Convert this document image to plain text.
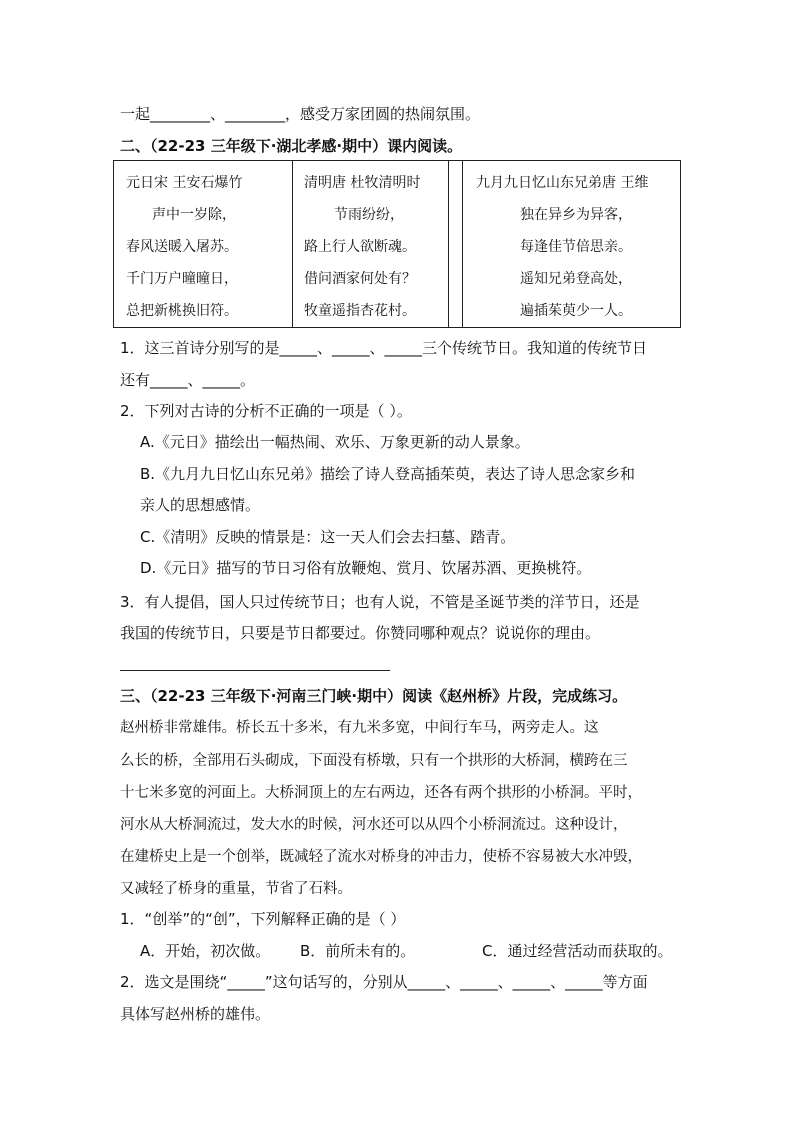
一起________、________，感受万家团圆的热闹氛围。
二、（22-23 三年级下·湖北孝感·期中）课内阅读。
元日宋 王安石爆竹
声中一岁除，
春风送暖入屠苏。
千门万户曈曈日，
总把新桃换旧符。
清明唐 杜牧清明时
节雨纷纷，
路上行人欲断魂。
借问酒家何处有？
牧童遥指杏花村。
九月九日忆山东兄弟唐 王维
独在异乡为异客，
每逢佳节倍思亲。
遥知兄弟登高处，
遍插茱萸少一人。
1．这三首诗分别写的是_____、_____、_____三个传统节日。我知道的传统节日
还有_____、_____。
2．下列对古诗的分析不正确的一项是（ ）。
A.《元日》描绘出一幅热闹、欢乐、万象更新的动人景象。
B.《九月九日忆山东兄弟》描绘了诗人登高插茱萸，表达了诗人思念家乡和
亲人的思想感情。
C.《清明》反映的情景是：这一天人们会去扫墓、踏青。
D.《元日》描写的节日习俗有放鞭炮、赏月、饮屠苏酒、更换桃符。
3．有人提倡，国人只过传统节日；也有人说，不管是圣诞节类的洋节日，还是
我国的传统节日，只要是节日都要过。你赞同哪种观点？说说你的理由。
三、（22-23 三年级下·河南三门峡·期中）阅读《赵州桥》片段，完成练习。
赵州桥非常雄伟。桥长五十多米，有九米多宽，中间行车马，两旁走人。这
么长的桥，全部用石头砌成，下面没有桥墩，只有一个拱形的大桥洞，横跨在三
十七米多宽的河面上。大桥洞顶上的左右两边，还各有两个拱形的小桥洞。平时，
河水从大桥洞流过，发大水的时候，河水还可以从四个小桥洞流过。这种设计，
在建桥史上是一个创举，既减轻了流水对桥身的冲击力，使桥不容易被大水冲毁，
又减轻了桥身的重量，节省了石料。
1．“创举”的“创”，下列解释正确的是（ ）
A．开始，初次做。 B．前所未有的。	C．通过经营活动而获取的。
2．选文是围绕“_____”这句话写的，分别从_____、_____、_____、_____等方面
具体写赵州桥的雄伟。
